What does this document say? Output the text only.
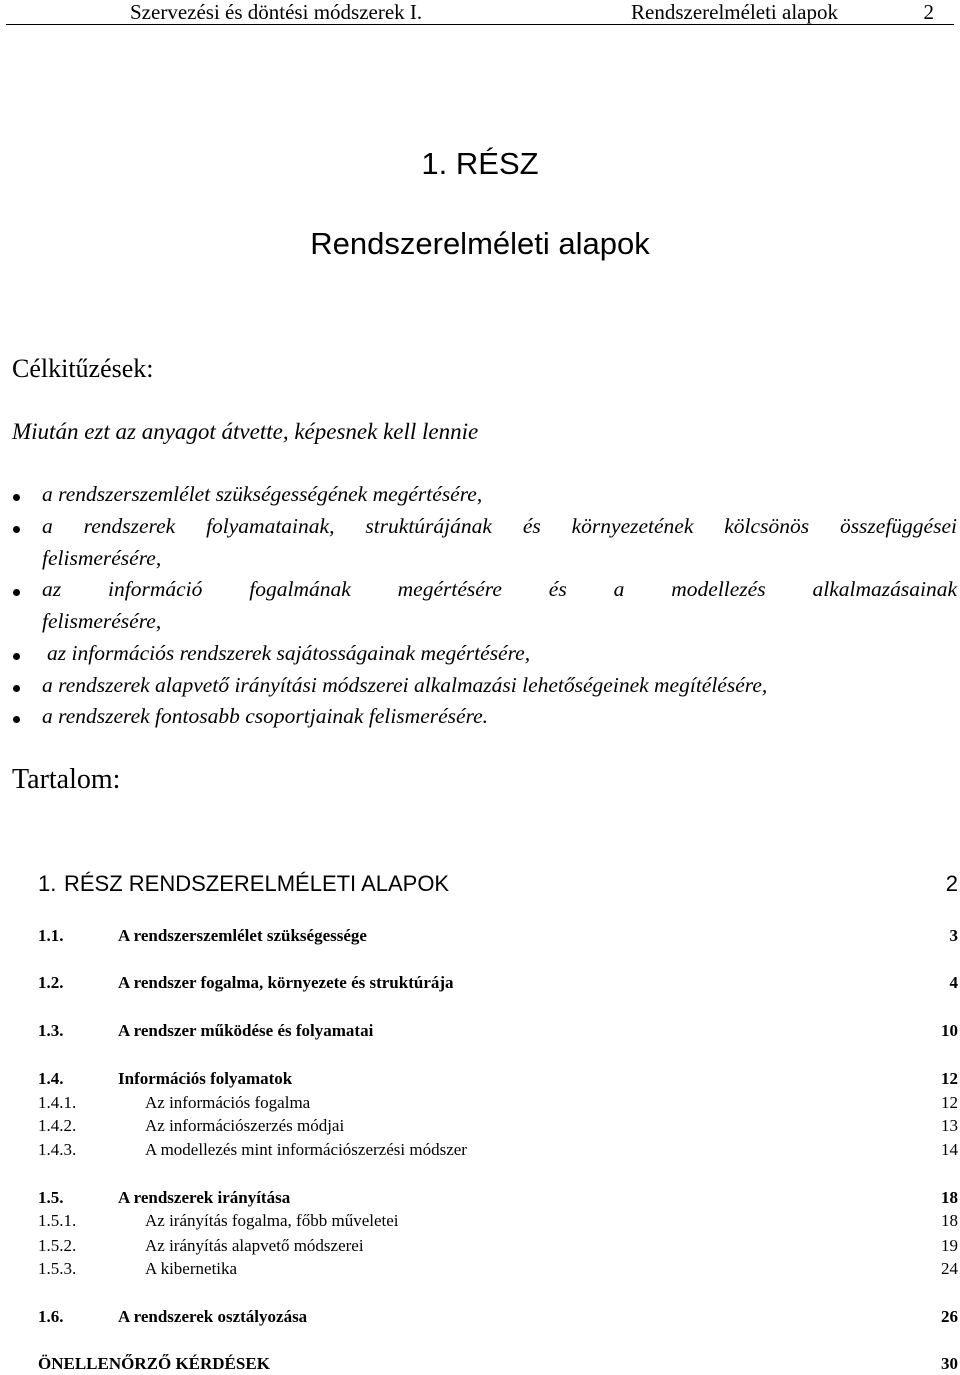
Szervezési és döntési módszerek I.	Rendszerelméleti alapok	2
1. RÉSZ
Rendszerelméleti alapok
Célkitűzések:
Miután ezt az anyagot átvette, képesnek kell lennie
a rendszerszemlélet szükségességének megértésére,
a rendszerek folyamatainak, struktúrájának és környezetének kölcsönös összefüggései
felismerésére,
az információ fogalmának megértésére és a modellezés alkalmazásainak
felismerésére,
az információs rendszerek sajátosságainak megértésére,
a rendszerek alapvető irányítási módszerei alkalmazási lehetőségeinek megítélésére,
a rendszerek fontosabb csoportjainak felismerésére.
Tartalom:
1. RÉSZ RENDSZERELMÉLETI ALAPOK	2
1.1.	A rendszerszemlélet szükségessége	3
1.2.	A rendszer fogalma, környezete és struktúrája	4
1.3.	A rendszer működése és folyamatai	10
1.4.	Információs folyamatok	12
1.4.1.	Az információs fogalma	12
1.4.2.	Az információszerzés módjai	13
1.4.3.	A modellezés mint információszerzési módszer	14
1.5.	A rendszerek irányítása	18
1.5.1.	Az irányítás fogalma, főbb műveletei	18
1.5.2.	Az irányítás alapvető módszerei	19
1.5.3.	A kibernetika	24
1.6.	A rendszerek osztályozása	26
ÖNELLENŐRZŐ KÉRDÉSEK	30
